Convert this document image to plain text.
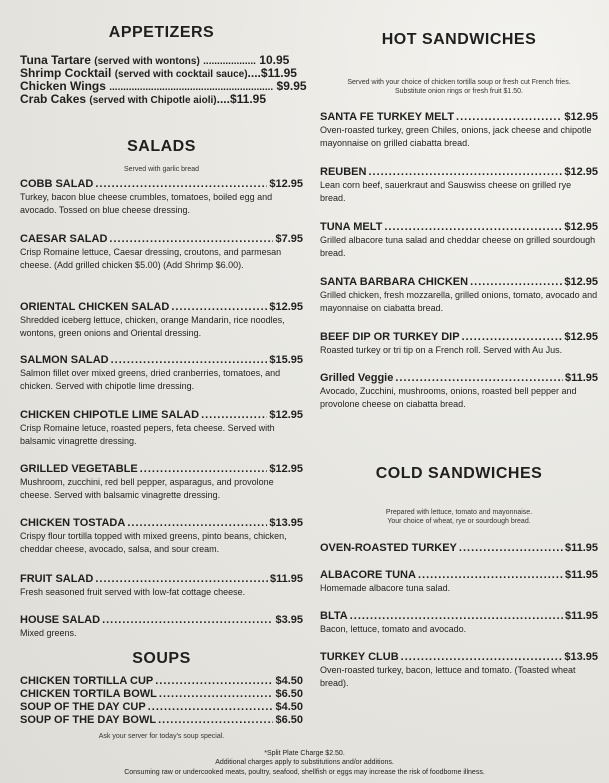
APPETIZERS
Tuna Tartare (served with wontons) ................... 10.95
Shrimp Cocktail (served with cocktail sauce)....$11.95
Chicken Wings ........................................................... $9.95
Crab Cakes (served with Chipotle aioli)....$11.95
SALADS
Served with garlic bread
COBB SALAD .....	$12.95
Turkey, bacon blue cheese crumbles, tomatoes, boiled egg and avocado. Tossed on blue cheese dressing.
CAESAR SALAD .....	$7.95
Crisp Romaine lettuce, Caesar dressing, croutons, and parmesan cheese. (Add grilled chicken $5.00) (Add Shrimp $6.00).
ORIENTAL CHICKEN SALAD .....	$12.95
Shredded iceberg lettuce, chicken, orange Mandarin, rice noodles, wontons, green onions and Oriental dressing.
SALMON SALAD .....	$15.95
Salmon fillet over mixed greens, dried cranberries, tomatoes, and chicken. Served with chipotle lime dressing.
CHICKEN CHIPOTLE LIME SALAD .....	$12.95
Crisp Romaine letuce, roasted pepers, feta cheese. Served with balsamic vinagrette dressing.
GRILLED VEGETABLE .....	$12.95
Mushroom, zucchini, red bell pepper, asparagus, and provolone cheese. Served with balsamic vinagrette dressing.
CHICKEN TOSTADA .....	$13.95
Crispy flour tortilla topped with mixed greens, pinto beans, chicken, cheddar cheese, avocado, salsa, and sour cream.
FRUIT SALAD .....	$11.95
Fresh seasoned fruit served with low-fat cottage cheese.
HOUSE SALAD .....	$3.95
Mixed greens.
SOUPS
CHICKEN TORTILLA CUP .....	$4.50
CHICKEN TORTILA BOWL .....	$6.50
SOUP OF THE DAY CUP .....	$4.50
SOUP OF THE DAY BOWL .....	$6.50
Ask your server for today's soup special.
HOT SANDWICHES
Served with your choice of chicken tortilla soup or fresh cut French fries.
Substitute onion rings or fresh fruit $1.50.
SANTA FE TURKEY MELT .....	$12.95
Oven-roasted turkey, green Chiles, onions, jack cheese and chipotle mayonnaise on grilled ciabatta bread.
REUBEN .....	$12.95
Lean corn beef, sauerkraut and Sauswiss cheese on grilled rye bread.
TUNA MELT .....	$12.95
Grilled albacore tuna salad and cheddar cheese on grilled sourdough bread.
SANTA BARBARA CHICKEN .....	$12.95
Grilled chicken, fresh mozzarella, grilled onions, tomato, avocado and mayonnaise on ciabatta bread.
BEEF DIP OR TURKEY DIP .....	$12.95
Roasted turkey or tri tip on a French roll. Served with Au Jus.
Grilled Veggie .....	$11.95
Avocado, Zucchini, mushrooms, onions, roasted bell pepper and provolone cheese on ciabatta bread.
COLD SANDWICHES
Prepared with lettuce, tomato and mayonnaise.
Your choice of wheat, rye or sourdough bread.
OVEN-ROASTED TURKEY .....	$11.95
ALBACORE TUNA .....	$11.95
Homemade albacore tuna salad.
BLTA .....	$11.95
Bacon, lettuce, tomato and avocado.
TURKEY CLUB .....	$13.95
Oven-roasted turkey, bacon, lettuce and tomato. (Toasted wheat bread).
*Split Plate Charge $2.50.
Additional charges apply to substitutions and/or additions.
Consuming raw or undercooked meats, poultry, seafood, shellfish or eggs may increase the risk of foodborne illness.
